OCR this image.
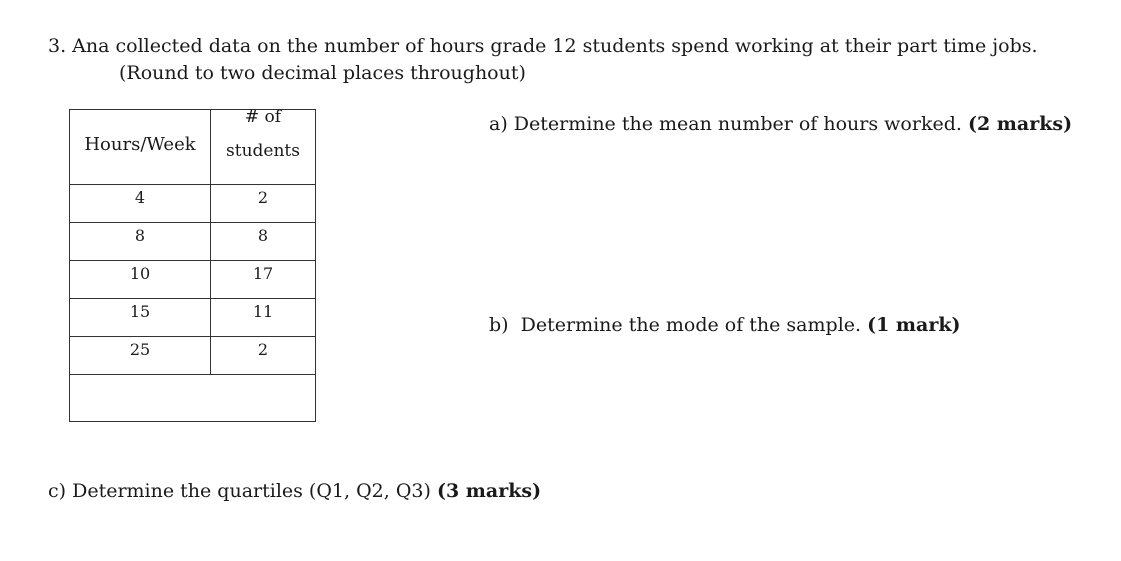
3. Ana collected data on the number of hours grade 12 students spend working at their part time jobs.
(Round to two decimal places throughout)
Hours/Week	# of
students

4	2
8	8
10	17
15	11
25	2

a) Determine the mean number of hours worked. (2 marks)
b)  Determine the mode of the sample. (1 mark)
c) Determine the quartiles (Q1, Q2, Q3) (3 marks)
